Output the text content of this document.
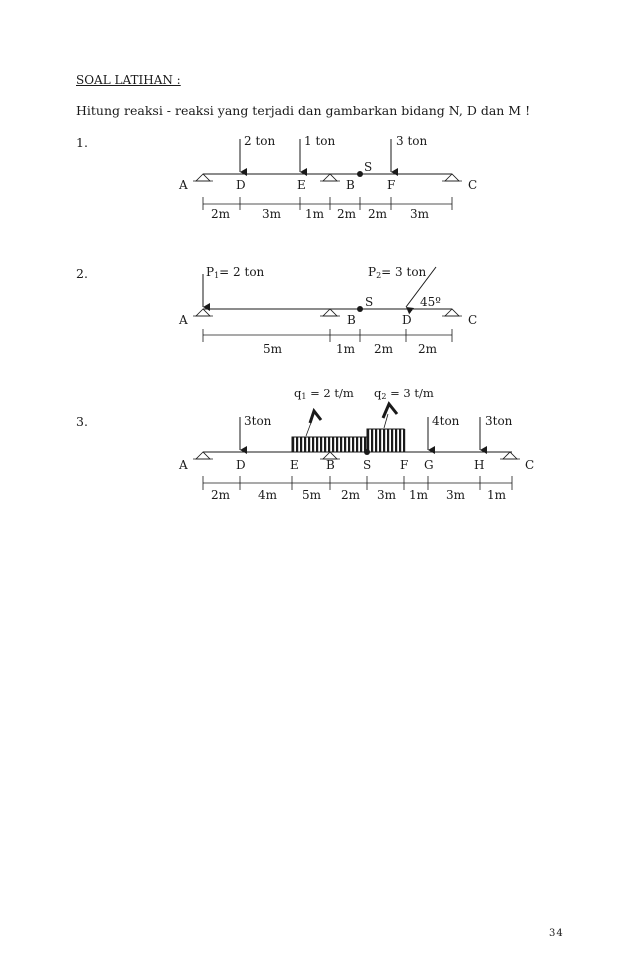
SOAL LATIHAN :
Hitung reaksi - reaksi yang terjadi dan gambarkan bidang N, D dan M !
1.
2.
3.
S
2 ton 1 ton	3 ton
A	D	E	B	F	C
2m	3m 1m 2m 2m 3m
S
P1= 2 ton	P2= 3 ton
45º
A	B	D	C
5m	1m 2m 2m
q1 = 2 t/m q2 = 3 t/m
3ton	4ton 3ton
A	D	E B S F G	H	C
2m 4m 5m 2m 3m 1m 3m 1m
34
